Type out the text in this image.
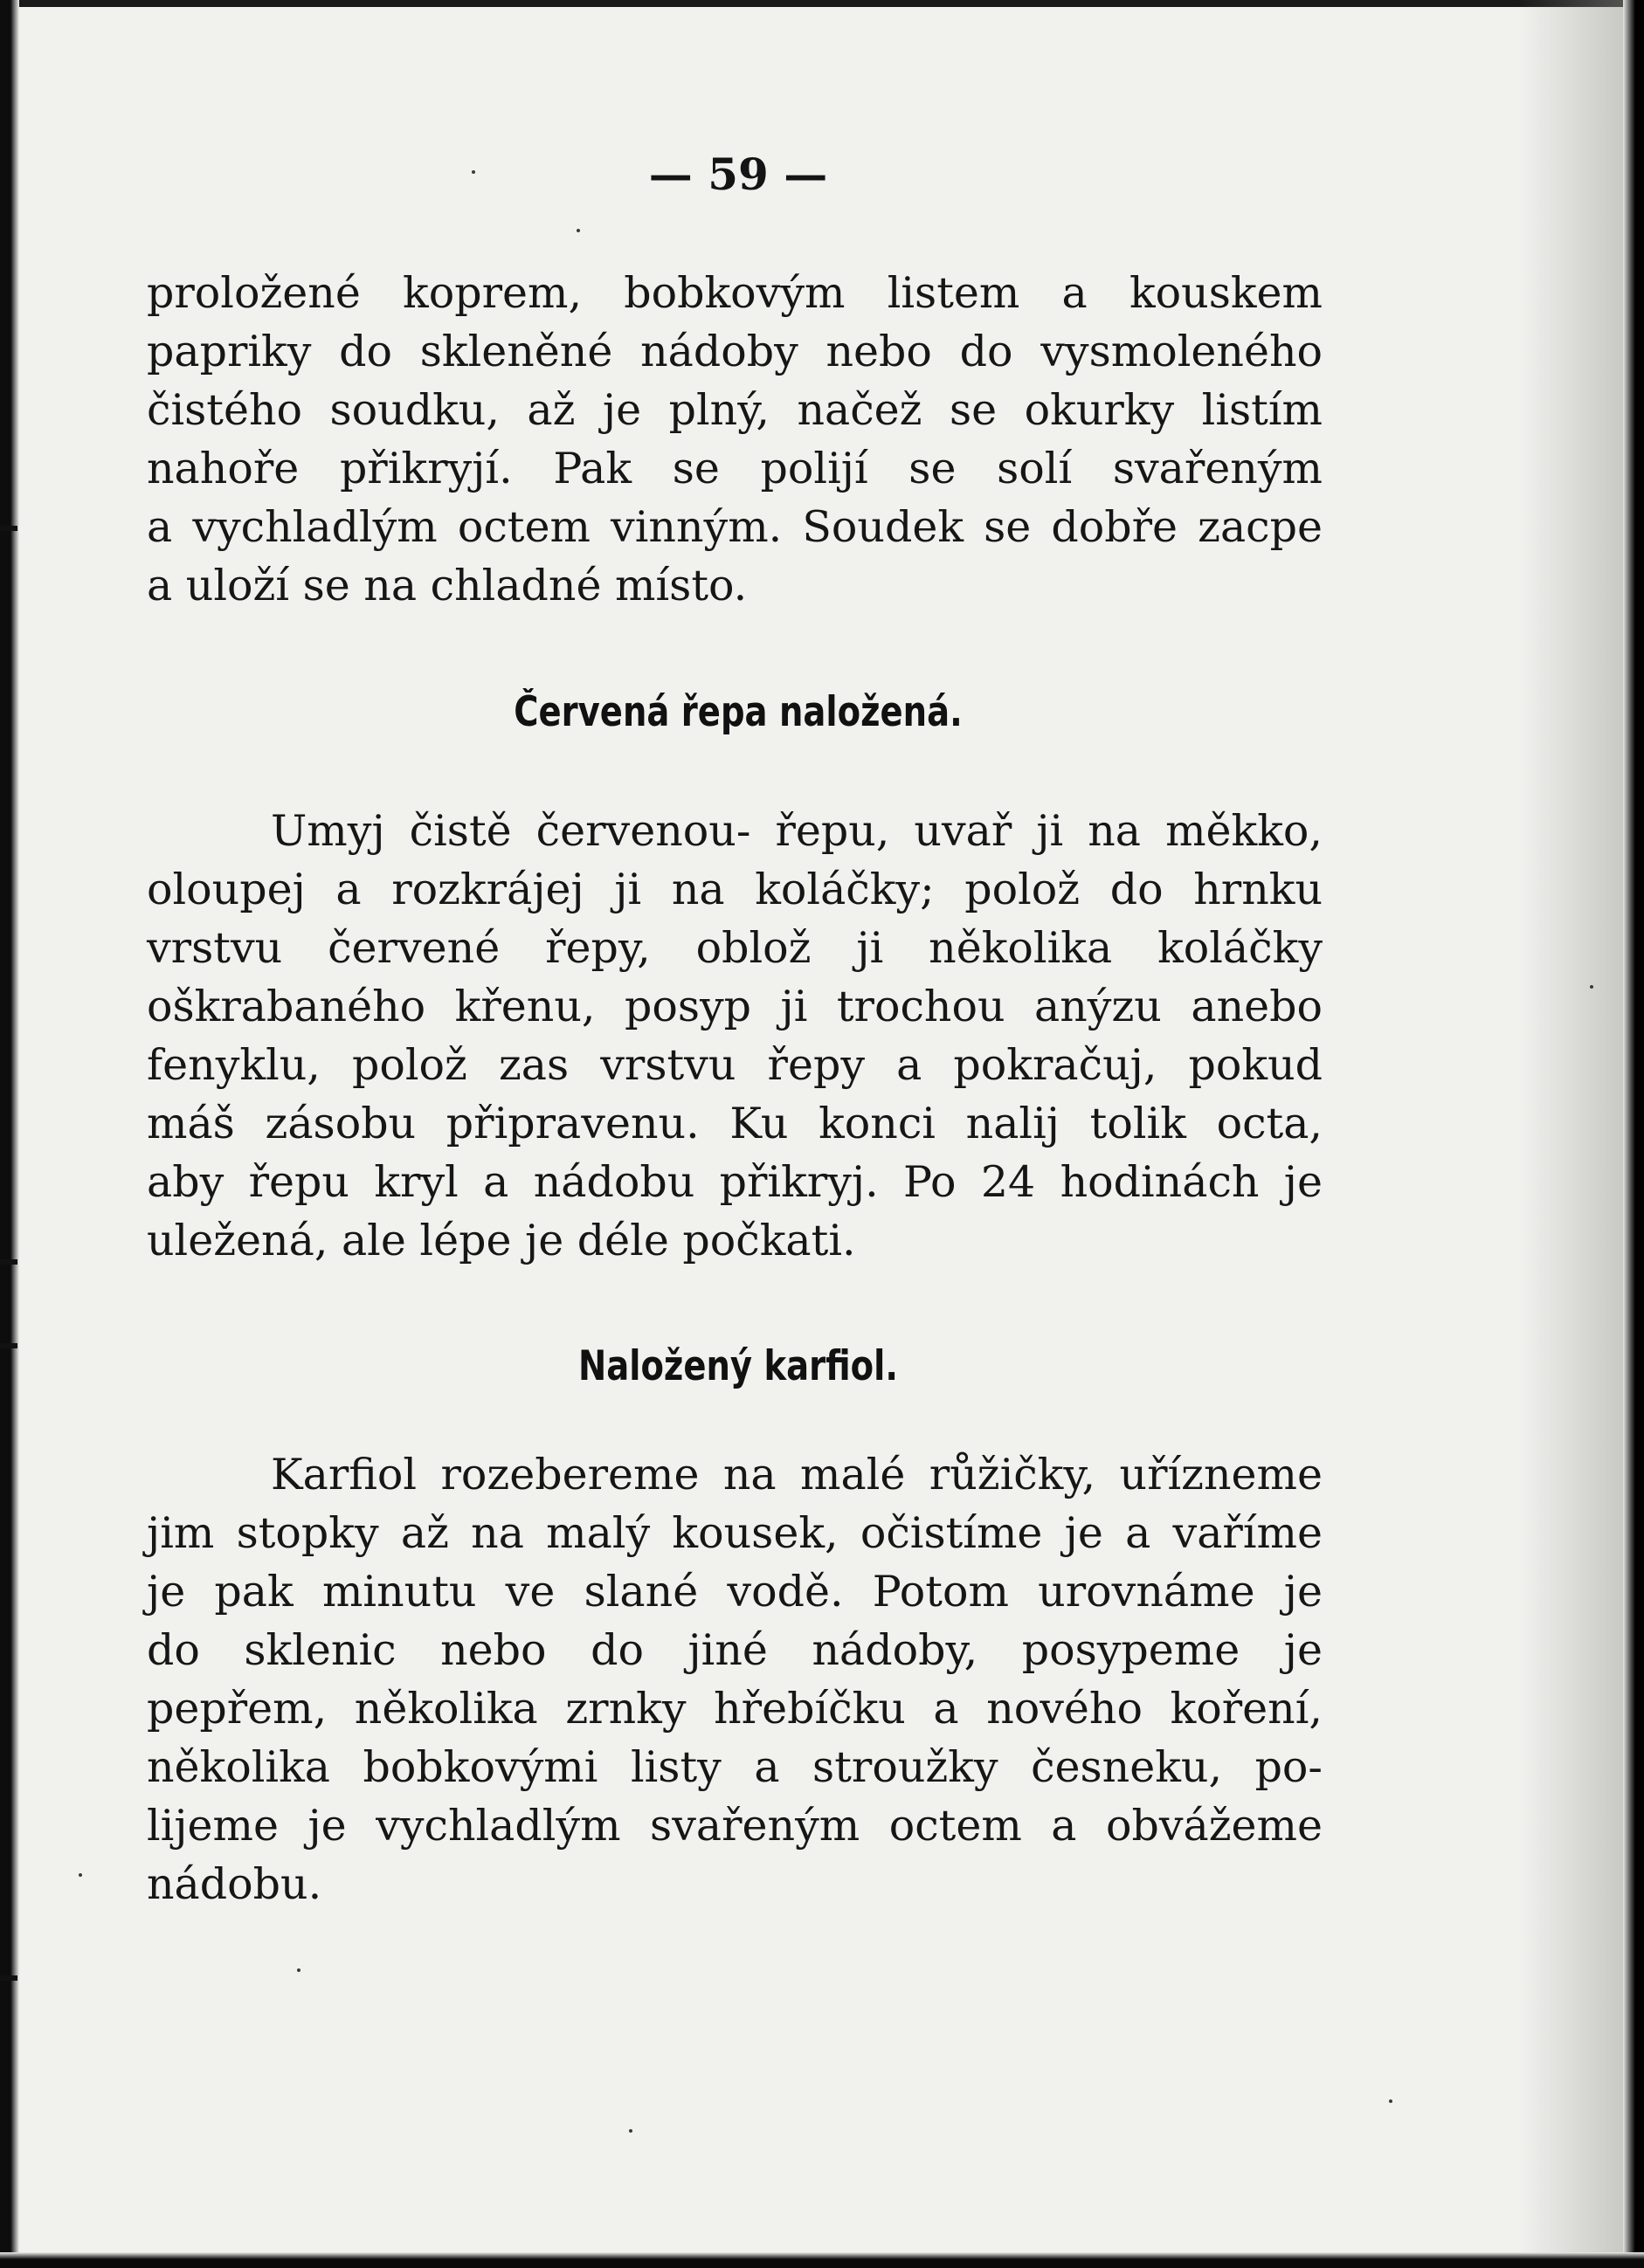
— 59 —
proložené koprem, bobkovým listem a kouskem
papriky do skleněné nádoby nebo do vysmoleného
čistého soudku, až je plný, načež se okurky listím
nahoře přikryjí. Pak se polijí se solí svařeným
a vychladlým octem vinným. Soudek se dobře zacpe
a uloží se na chladné místo.
Červená řepa naložená.
Umyj čistě červenou- řepu, uvař ji na měkko,
oloupej a rozkrájej ji na koláčky; polož do hrnku
vrstvu červené řepy, oblož ji několika koláčky
oškrabaného křenu, posyp ji trochou anýzu anebo
fenyklu, polož zas vrstvu řepy a pokračuj, pokud
máš zásobu připravenu. Ku konci nalij tolik octa,
aby řepu kryl a nádobu přikryj. Po 24 hodinách je
uležená, ale lépe je déle počkati.
Naložený karfiol.
Karfiol rozebereme na malé růžičky, uřízneme
jim stopky až na malý kousek, očistíme je a vaříme
je pak minutu ve slané vodě. Potom urovnáme je
do sklenic nebo do jiné nádoby, posypeme je
pepřem, několika zrnky hřebíčku a nového koření,
několika bobkovými listy a stroužky česneku, po-
lijeme je vychladlým svařeným octem a obvážeme
nádobu.
